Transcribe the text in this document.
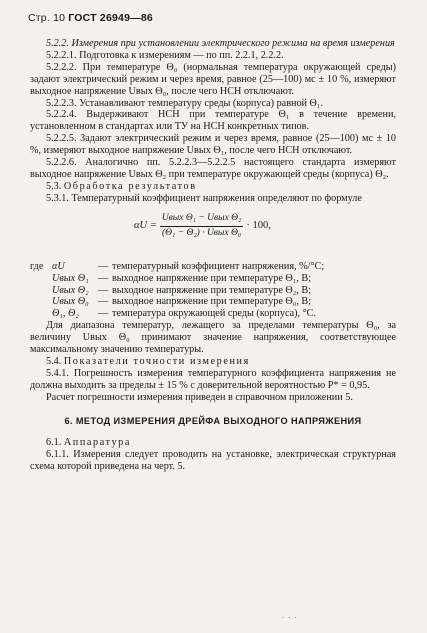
Стр. 10 ГОСТ 26949—86

5.2.2. Измерения при установлении электрического режима на время измерения

5.2.2.1. Подготовка к измерениям — по пп. 2.2.1, 2.2.2.

5.2.2.2. При температуре Θ₀ (нормальная температура окружающей среды) задают электрический режим и через время, равное (25—100) мс ± 10 %, измеряют выходное напряжение Uвых Θ₀, после чего НСН отключают.

5.2.2.3. Устанавливают температуру среды (корпуса) равной Θ₁.

5.2.2.4. Выдерживают НСН при температуре Θ₁ в течение времени, установленном в стандартах или ТУ на НСН конкретных типов.

5.2.2.5. Задают электрический режим и через время, равное (25—100) мс ± 10 %, измеряют выходное напряжение Uвых Θ₁, после чего НСН отключают.

5.2.2.6. Аналогично пп. 5.2.2.3—5.2.2.5 настоящего стандарта измеряют выходное напряжение Uвых Θ₂ при температуре окружающей среды (корпуса) Θ₂.

5.3. Обработка результатов

5.3.1. Температурный коэффициент напряжения определяют по формуле

$\alpha U = \frac{\text{Uвых Θ₁ − Uвых Θ₂}}{\text{(Θ₁ − Θ₂) · Uвых Θ₀}} \cdot 100$,
где αU	— температурный коэффициент напряжения, %/°C;
Uвых Θ₁ — выходное напряжение при температуре Θ₁, В;
Uвых Θ₂ — выходное напряжение при температуре Θ₂, В;
Uвых Θ₀ — выходное напряжение при температуре Θ₀, В;
Θ₁, Θ₂	— температура окружающей среды (корпуса), °C.

Для диапазона температур, лежащего за пределами температуры Θ₀, за величину Uвых Θ₀ принимают значение напряжения, соответствующее максимальному значению температуры.

5.4. Показатели точности измерения

5.4.1. Погрешность измерения температурного коэффициента напряжения не должна выходить за пределы ± 15 % с доверительной вероятностью P* = 0,95.

Расчет погрешности измерения приведен в справочном приложении 5.

6. МЕТОД ИЗМЕРЕНИЯ ДРЕЙФА ВЫХОДНОГО НАПРЯЖЕНИЯ

6.1. Аппаратура

6.1.1. Измерения следует проводить на установке, электрическая структурная схема которой приведена на черт. 5.

· · ·
